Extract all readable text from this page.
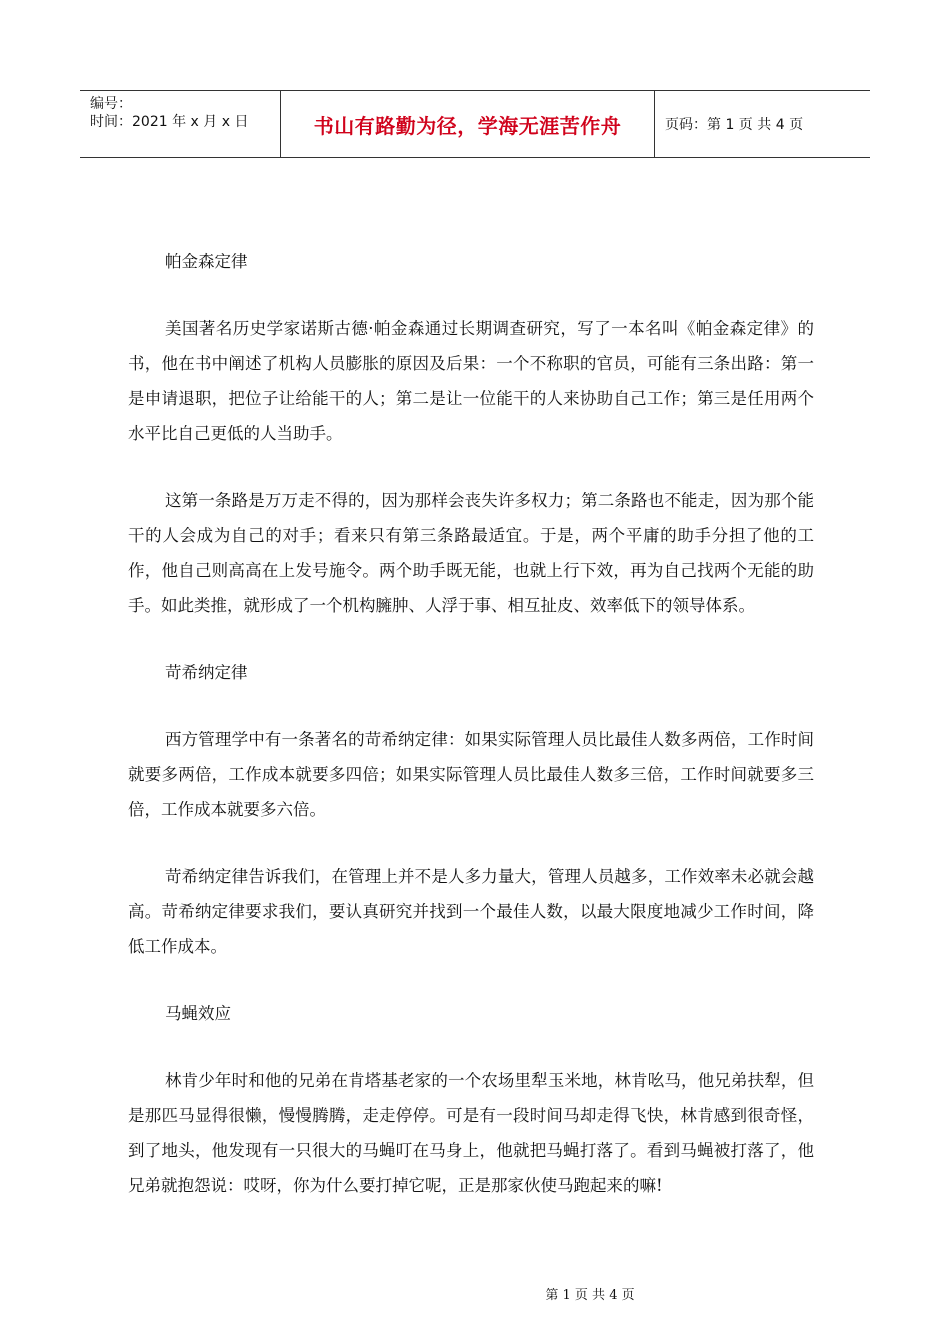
编号：
时间：2021 年 x 月 x 日	书山有路勤为径，学海无涯苦作舟	页码：第 1 页 共 4 页

帕金森定律

美国著名历史学家诺斯古德·帕金森通过长期调查研究，写了一本名叫《帕金森定律》的书，他在书中阐述了机构人员膨胀的原因及后果：一个不称职的官员，可能有三条出路：第一是申请退职，把位子让给能干的人；第二是让一位能干的人来协助自己工作；第三是任用两个水平比自己更低的人当助手。

这第一条路是万万走不得的，因为那样会丧失许多权力；第二条路也不能走，因为那个能干的人会成为自己的对手；看来只有第三条路最适宜。于是，两个平庸的助手分担了他的工作，他自己则高高在上发号施令。两个助手既无能，也就上行下效，再为自己找两个无能的助手。如此类推，就形成了一个机构臃肿、人浮于事、相互扯皮、效率低下的领导体系。

苛希纳定律

西方管理学中有一条著名的苛希纳定律：如果实际管理人员比最佳人数多两倍，工作时间就要多两倍，工作成本就要多四倍；如果实际管理人员比最佳人数多三倍，工作时间就要多三倍，工作成本就要多六倍。

苛希纳定律告诉我们，在管理上并不是人多力量大，管理人员越多，工作效率未必就会越高。苛希纳定律要求我们，要认真研究并找到一个最佳人数，以最大限度地减少工作时间，降低工作成本。

马蝇效应

林肯少年时和他的兄弟在肯塔基老家的一个农场里犁玉米地，林肯吆马，他兄弟扶犁，但是那匹马显得很懒，慢慢腾腾，走走停停。可是有一段时间马却走得飞快，林肯感到很奇怪，到了地头，他发现有一只很大的马蝇叮在马身上，他就把马蝇打落了。看到马蝇被打落了，他兄弟就抱怨说：哎呀，你为什么要打掉它呢，正是那家伙使马跑起来的嘛!

第 1 页 共 4 页
